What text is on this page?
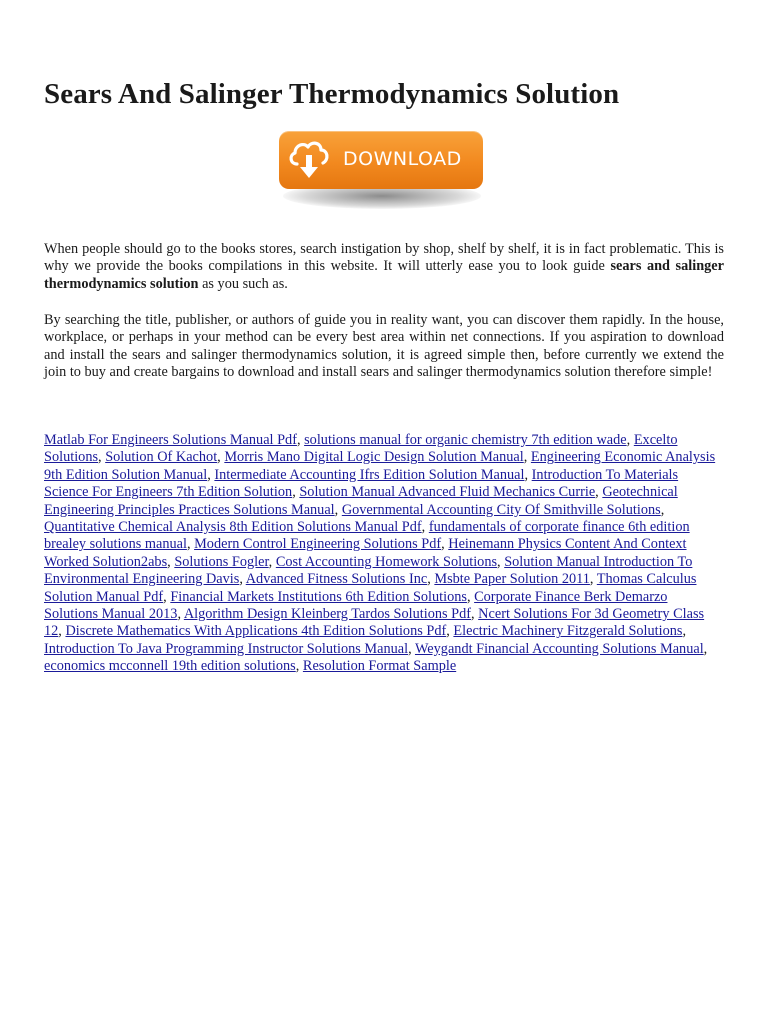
Sears And Salinger Thermodynamics Solution
DOWNLOAD

When people should go to the books stores, search instigation by shop, shelf by shelf, it is in fact problematic. This is why we provide the books compilations in this website. It will utterly ease you to look guide sears and salinger thermodynamics solution as you such as.

By searching the title, publisher, or authors of guide you in reality want, you can discover them rapidly. In the house, workplace, or perhaps in your method can be every best area within net connections. If you aspiration to download and install the sears and salinger thermodynamics solution, it is agreed simple then, before currently we extend the join to buy and create bargains to download and install sears and salinger thermodynamics solution therefore simple!

Matlab For Engineers Solutions Manual Pdf, solutions manual for organic chemistry 7th edition wade, Excelto Solutions, Solution Of Kachot, Morris Mano Digital Logic Design Solution Manual, Engineering Economic Analysis 9th Edition Solution Manual, Intermediate Accounting Ifrs Edition Solution Manual, Introduction To Materials Science For Engineers 7th Edition Solution, Solution Manual Advanced Fluid Mechanics Currie, Geotechnical Engineering Principles Practices Solutions Manual, Governmental Accounting City Of Smithville Solutions, Quantitative Chemical Analysis 8th Edition Solutions Manual Pdf, fundamentals of corporate finance 6th edition brealey solutions manual, Modern Control Engineering Solutions Pdf, Heinemann Physics Content And Context Worked Solution2abs, Solutions Fogler, Cost Accounting Homework Solutions, Solution Manual Introduction To Environmental Engineering Davis, Advanced Fitness Solutions Inc, Msbte Paper Solution 2011, Thomas Calculus Solution Manual Pdf, Financial Markets Institutions 6th Edition Solutions, Corporate Finance Berk Demarzo Solutions Manual 2013, Algorithm Design Kleinberg Tardos Solutions Pdf, Ncert Solutions For 3d Geometry Class 12, Discrete Mathematics With Applications 4th Edition Solutions Pdf, Electric Machinery Fitzgerald Solutions, Introduction To Java Programming Instructor Solutions Manual, Weygandt Financial Accounting Solutions Manual, economics mcconnell 19th edition solutions, Resolution Format Sample
